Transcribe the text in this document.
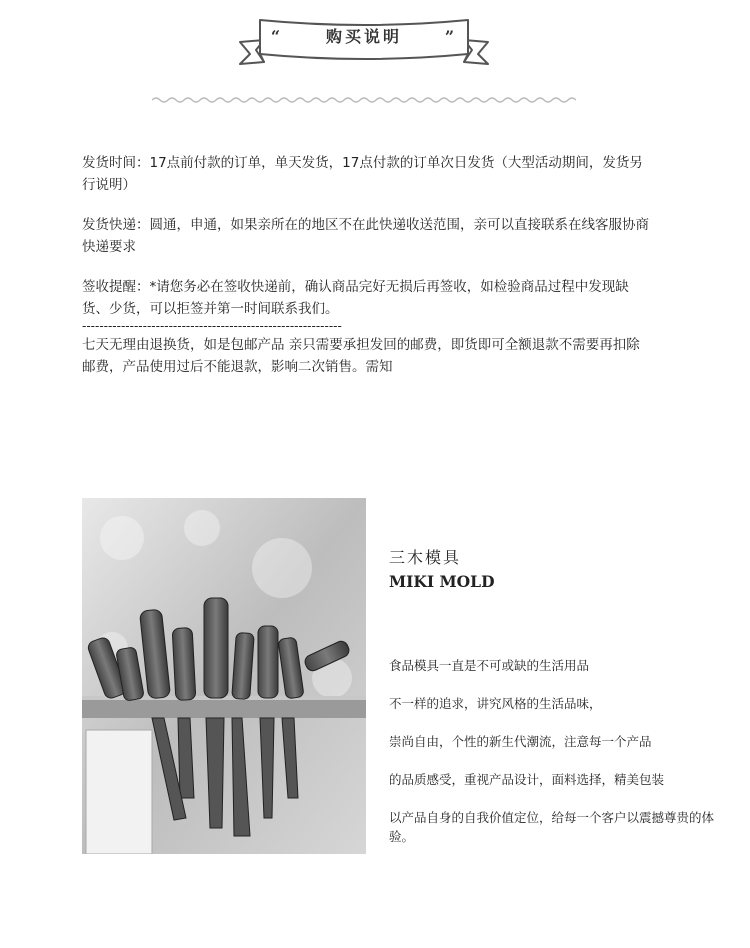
“	购买说明	”

发货时间：17点前付款的订单，单天发货，17点付款的订单次日发货（大型活动期间，发货另行说明）

发货快递：圆通，申通，如果亲所在的地区不在此快递收送范围，亲可以直接联系在线客服协商快递要求

签收提醒：*请您务必在签收快递前，确认商品完好无损后再签收，如检验商品过程中发现缺货、少货，可以拒签并第一时间联系我们。

------------------------------------------------------------

七天无理由退换货，如是包邮产品 亲只需要承担发回的邮费，即货即可全额退款不需要再扣除邮费，产品使用过后不能退款，影响二次销售。需知

三木模具
MIKI MOLD

食品模具一直是不可或缺的生活用品

不一样的追求，讲究风格的生活品味，

崇尚自由，个性的新生代潮流，注意每一个产品

的品质感受，重视产品设计，面料选择，精美包装

以产品自身的自我价值定位，给每一个客户以震撼尊贵的体验。
